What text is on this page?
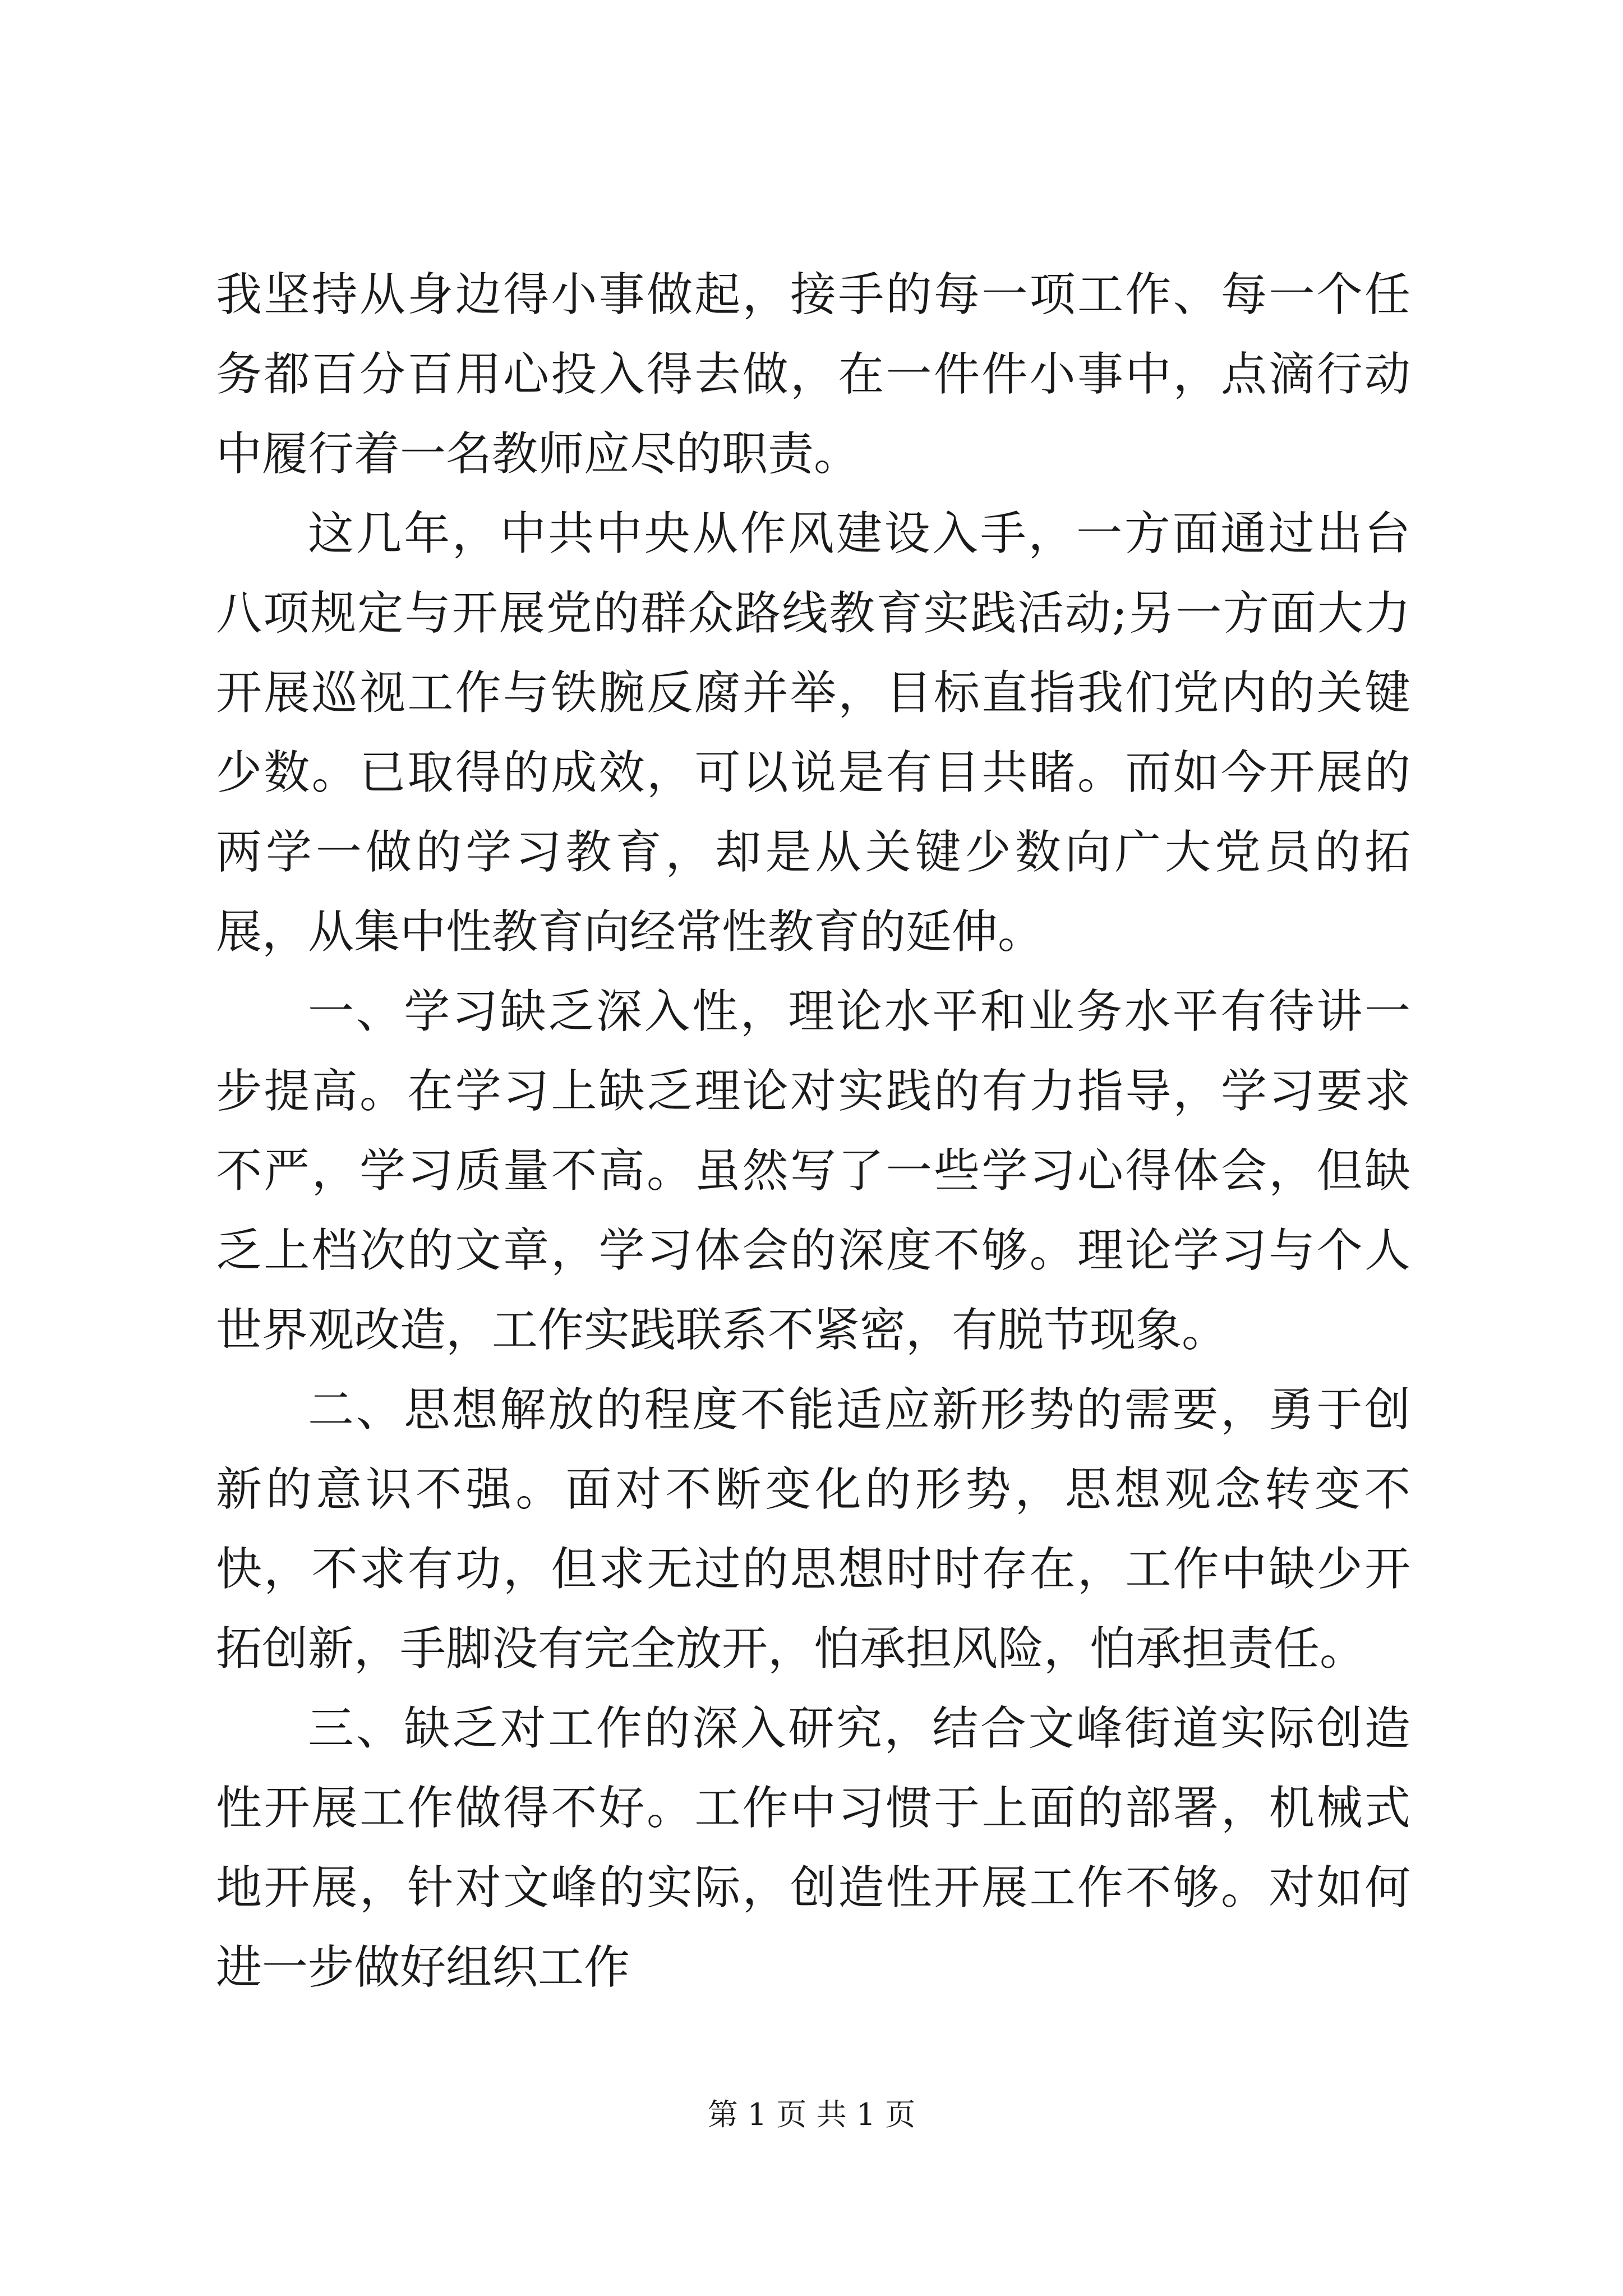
我坚持从身边得小事做起，接手的每一项工作、每一个任务都百分百用心投入得去做，在一件件小事中，点滴行动中履行着一名教师应尽的职责。

这几年，中共中央从作风建设入手，一方面通过出台八项规定与开展党的群众路线教育实践活动;另一方面大力开展巡视工作与铁腕反腐并举，目标直指我们党内的关键少数。已取得的成效，可以说是有目共睹。而如今开展的两学一做的学习教育，却是从关键少数向广大党员的拓展，从集中性教育向经常性教育的延伸。

一、学习缺乏深入性，理论水平和业务水平有待讲一步提高。在学习上缺乏理论对实践的有力指导，学习要求不严，学习质量不高。虽然写了一些学习心得体会，但缺乏上档次的文章，学习体会的深度不够。理论学习与个人世界观改造，工作实践联系不紧密，有脱节现象。

二、思想解放的程度不能适应新形势的需要，勇于创新的意识不强。面对不断变化的形势，思想观念转变不快，不求有功，但求无过的思想时时存在，工作中缺少开拓创新，手脚没有完全放开，怕承担风险，怕承担责任。

三、缺乏对工作的深入研究，结合文峰街道实际创造性开展工作做得不好。工作中习惯于上面的部署，机械式地开展，针对文峰的实际，创造性开展工作不够。对如何进一步做好组织工作

第 1 页 共 1 页
